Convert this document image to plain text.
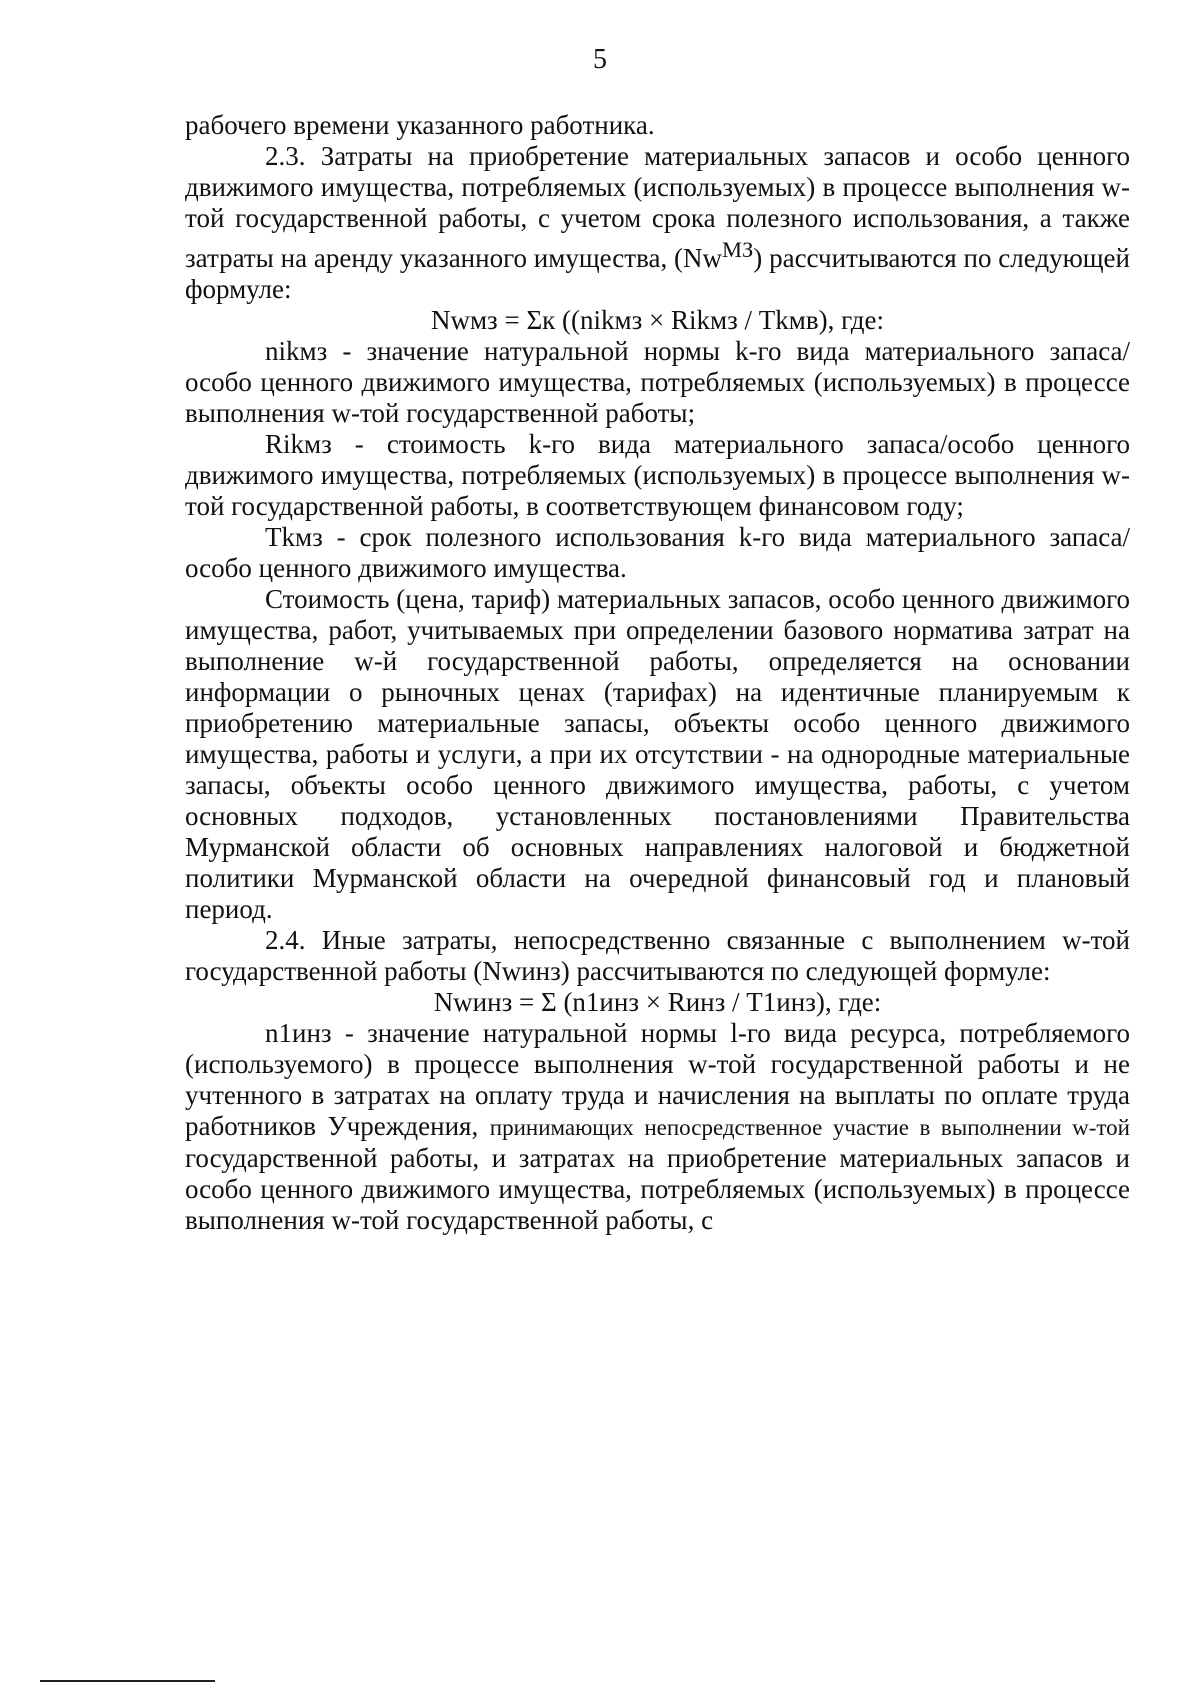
5

рабочего времени указанного работника.

2.3. Затраты на приобретение материальных запасов и особо ценного движимого имущества, потребляемых (используемых) в процессе выполнения w-той государственной работы, с учетом срока полезного использования, а также затраты на аренду указанного имущества, $(Nw^{МЗ})$ рассчитываются по следующей формуле:

Nwмз = Σк ((nikмз × Rikмз / Tkмв), где:

nikмз - значение натуральной нормы k-го вида материального запаса/особо ценного движимого имущества, потребляемых (используемых) в процессе выполнения w-той государственной работы;

Rikмз - стоимость k-го вида материального запаса/особо ценного движимого имущества, потребляемых (используемых) в процессе выполнения w-той государственной работы, в соответствующем финансовом году;

Tkмз - срок полезного использования k-го вида материального запаса/особо ценного движимого имущества.

Стоимость (цена, тариф) материальных запасов, особо ценного движимого имущества, работ, учитываемых при определении базового норматива затрат на выполнение w-й государственной работы, определяется на основании информации о рыночных ценах (тарифах) на идентичные планируемым к приобретению материальные запасы, объекты особо ценного движимого имущества, работы и услуги, а при их отсутствии - на однородные материальные запасы, объекты особо ценного движимого имущества, работы, с учетом основных подходов, установленных постановлениями Правительства Мурманской области об основных направлениях налоговой и бюджетной политики Мурманской области на очередной финансовый год и плановый период.

2.4. Иные затраты, непосредственно связанные с выполнением w-той государственной работы (Nwинз) рассчитываются по следующей формуле:

Nwинз = Σ (n1инз × Rинз / T1инз), где:

n1инз - значение натуральной нормы l-го вида ресурса, потребляемого (используемого) в процессе выполнения w-той государственной работы и не учтенного в затратах на оплату труда и начисления на выплаты по оплате труда работников Учреждения, принимающих непосредственное участие в выполнении w-той государственной работы, и затратах на приобретение материальных запасов и особо ценного движимого имущества, потребляемых (используемых) в процессе выполнения w-той государственной работы, с
